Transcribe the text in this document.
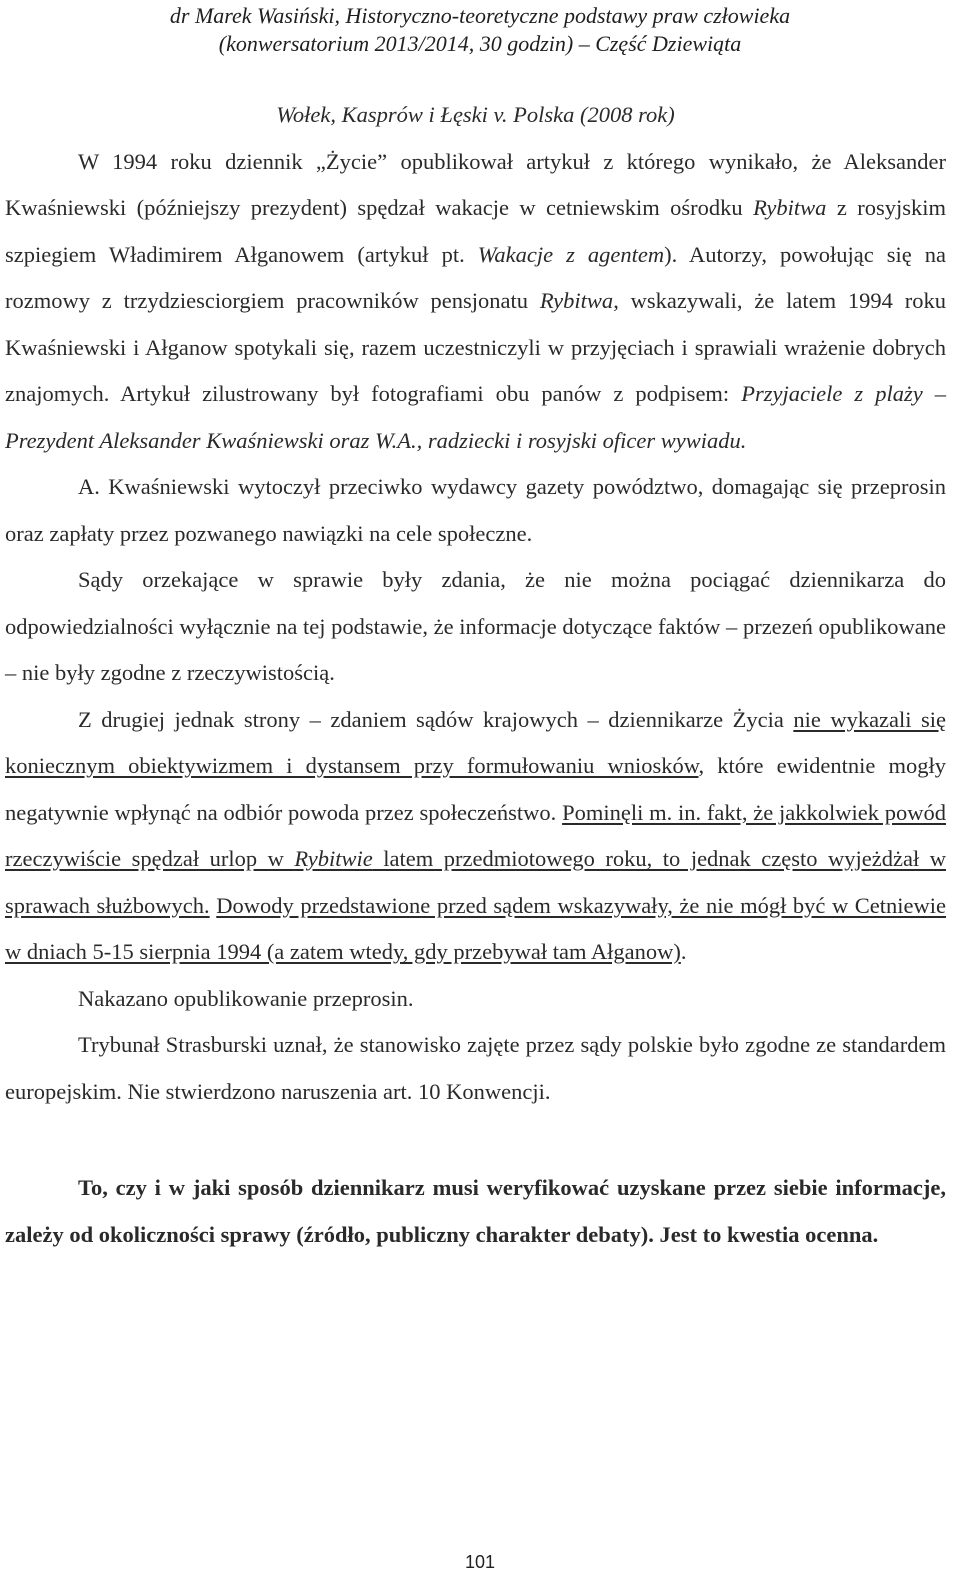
dr Marek Wasiński, Historyczno-teoretyczne podstawy praw człowieka
(konwersatorium 2013/2014, 30 godzin) – Część Dziewiąta

Wołek, Kasprów i Łęski v. Polska (2008 rok)

W 1994 roku dziennik „Życie” opublikował artykuł z którego wynikało, że Aleksander Kwaśniewski (późniejszy prezydent) spędzał wakacje w cetniewskim ośrodku Rybitwa z rosyjskim szpiegiem Władimirem Ałganowem (artykuł pt. Wakacje z agentem). Autorzy, powołując się na rozmowy z trzydziesciorgiem pracowników pensjonatu Rybitwa, wskazywali, że latem 1994 roku Kwaśniewski i Ałganow spotykali się, razem uczestniczyli w przyjęciach i sprawiali wrażenie dobrych znajomych. Artykuł zilustrowany był fotografiami obu panów z podpisem: Przyjaciele z plaży – Prezydent Aleksander Kwaśniewski oraz W.A., radziecki i rosyjski oficer wywiadu.

A. Kwaśniewski wytoczył przeciwko wydawcy gazety powództwo, domagając się przeprosin oraz zapłaty przez pozwanego nawiązki na cele społeczne.

Sądy orzekające w sprawie były zdania, że nie można pociągać dziennikarza do odpowiedzialności wyłącznie na tej podstawie, że informacje dotyczące faktów – przezeń opublikowane – nie były zgodne z rzeczywistością.

Z drugiej jednak strony – zdaniem sądów krajowych – dziennikarze Życia nie wykazali się koniecznym obiektywizmem i dystansem przy formułowaniu wniosków, które ewidentnie mogły negatywnie wpłynąć na odbiór powoda przez społeczeństwo. Pominęli m. in. fakt, że jakkolwiek powód rzeczywiście spędzał urlop w Rybitwie latem przedmiotowego roku, to jednak często wyjeżdżał w sprawach służbowych. Dowody przedstawione przed sądem wskazywały, że nie mógł być w Cetniewie w dniach 5-15 sierpnia 1994 (a zatem wtedy, gdy przebywał tam Ałganow).

Nakazano opublikowanie przeprosin.

Trybunał Strasburski uznał, że stanowisko zajęte przez sądy polskie było zgodne ze standardem europejskim. Nie stwierdzono naruszenia art. 10 Konwencji.

To, czy i w jaki sposób dziennikarz musi weryfikować uzyskane przez siebie informacje, zależy od okoliczności sprawy (źródło, publiczny charakter debaty). Jest to kwestia ocenna.

101
